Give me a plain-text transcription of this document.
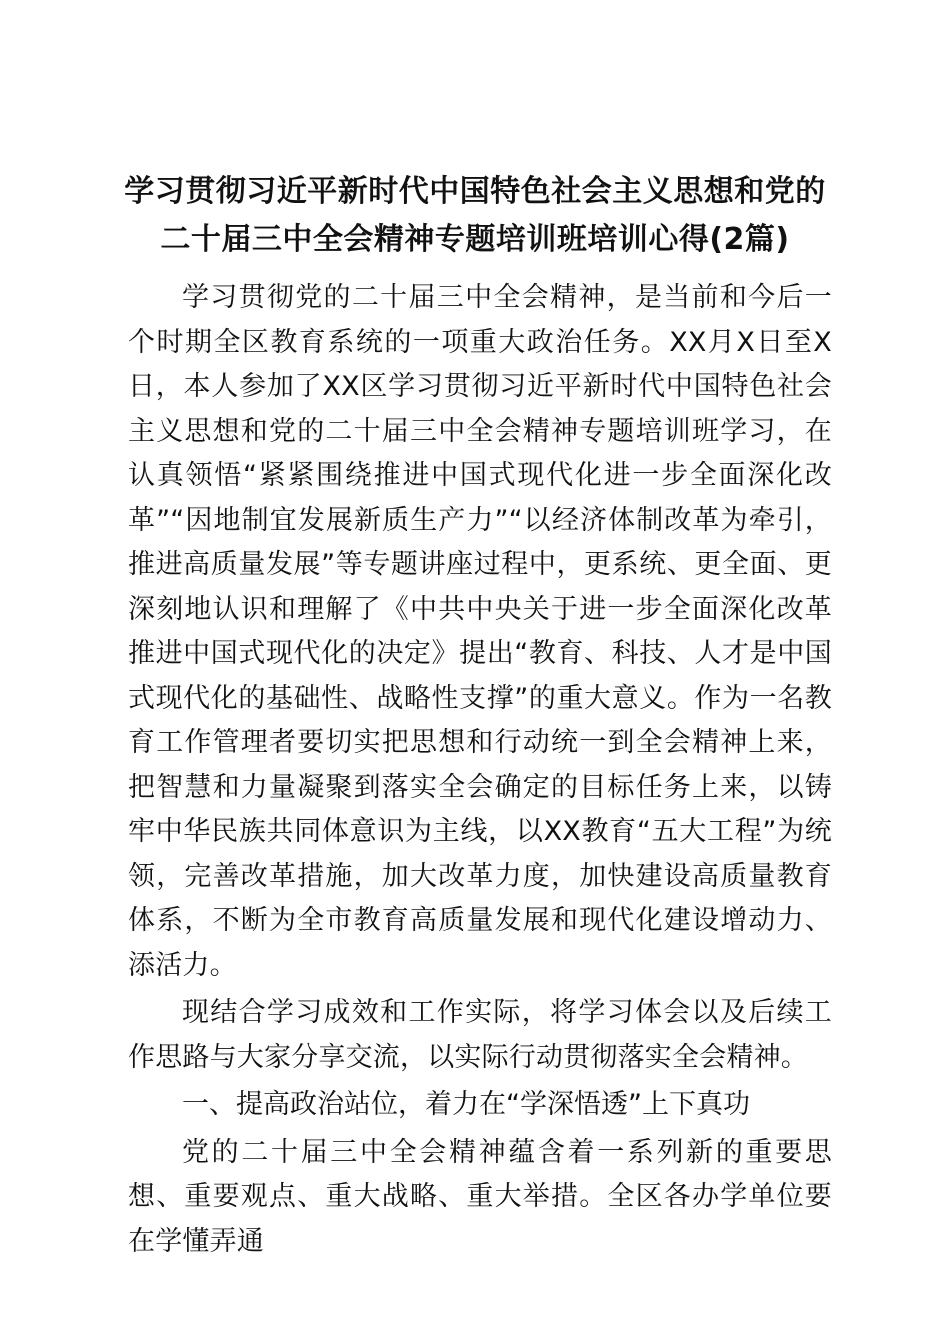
学习贯彻习近平新时代中国特色社会主义思想和党的二十届三中全会精神专题培训班培训心得(2篇)

学习贯彻党的二十届三中全会精神，是当前和今后一个时期全区教育系统的一项重大政治任务。XX月X日至X日，本人参加了XX区学习贯彻习近平新时代中国特色社会主义思想和党的二十届三中全会精神专题培训班学习，在认真领悟“紧紧围绕推进中国式现代化进一步全面深化改革”“因地制宜发展新质生产力”“以经济体制改革为牵引，推进高质量发展”等专题讲座过程中，更系统、更全面、更深刻地认识和理解了《中共中央关于进一步全面深化改革推进中国式现代化的决定》提出“教育、科技、人才是中国式现代化的基础性、战略性支撑”的重大意义。作为一名教育工作管理者要切实把思想和行动统一到全会精神上来，把智慧和力量凝聚到落实全会确定的目标任务上来，以铸牢中华民族共同体意识为主线，以XX教育“五大工程”为统领，完善改革措施，加大改革力度，加快建设高质量教育体系，不断为全市教育高质量发展和现代化建设增动力、添活力。

现结合学习成效和工作实际，将学习体会以及后续工作思路与大家分享交流，以实际行动贯彻落实全会精神。

一、提高政治站位，着力在“学深悟透”上下真功

党的二十届三中全会精神蕴含着一系列新的重要思想、重要观点、重大战略、重大举措。全区各办学单位要在学懂弄通
